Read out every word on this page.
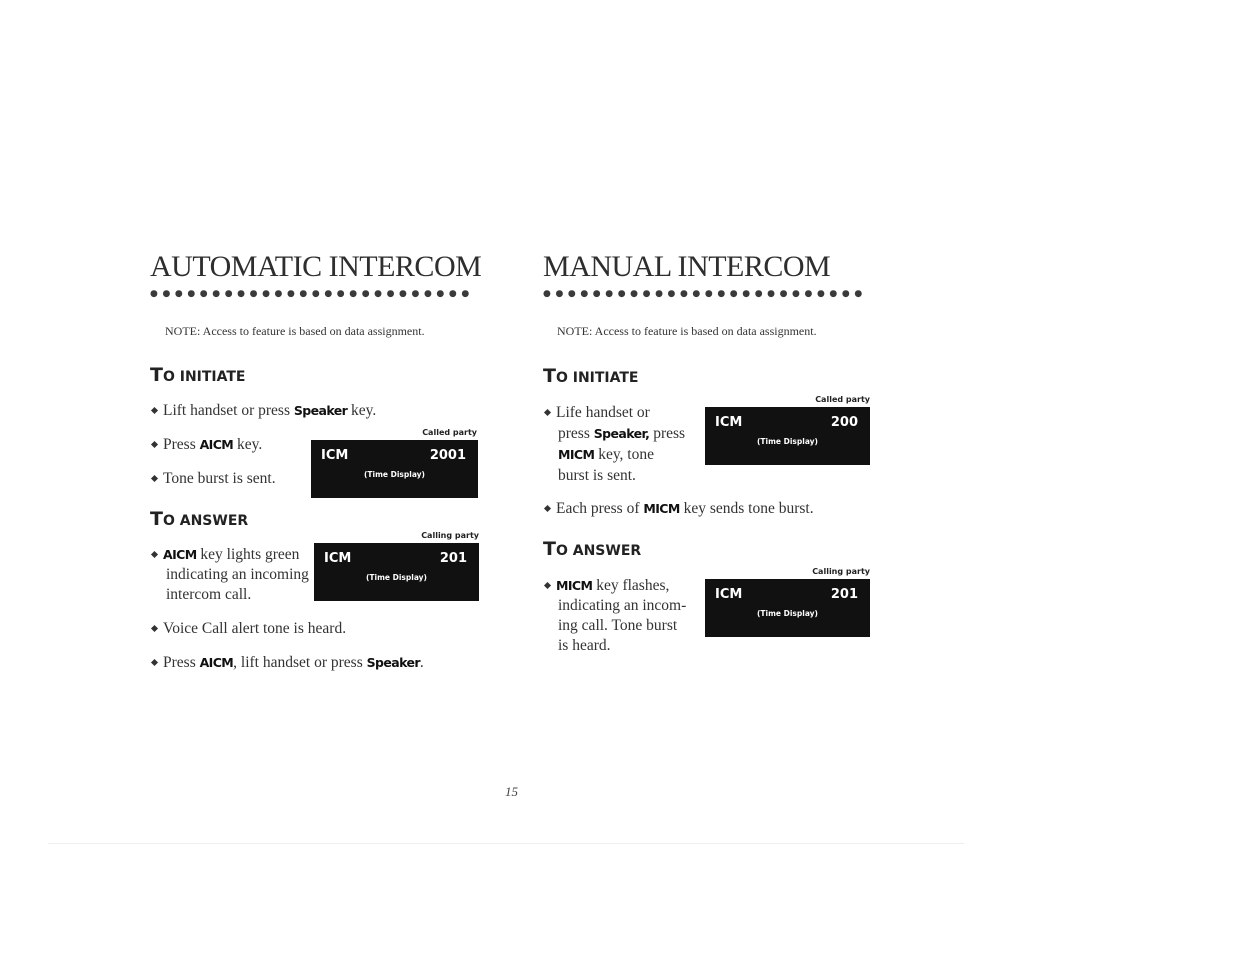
AUTOMATIC INTERCOM
●●●●●●●●●●●●●●●●●●●●●●●●●●
NOTE: Access to feature is based on data assignment.
TO INITIATE
Lift handset or press Speaker key.
Press AICM key.
Tone burst is sent.
Called party
ICM	2001
(Time Display)
TO ANSWER
AICM key lights green
indicating an incoming
intercom call.
Calling party
ICM	201
(Time Display)
Voice Call alert tone is heard.
Press AICM, lift handset or press Speaker.
MANUAL INTERCOM
●●●●●●●●●●●●●●●●●●●●●●●●●●
NOTE: Access to feature is based on data assignment.
TO INITIATE
Life handset or
press Speaker, press
MICM key, tone
burst is sent.
Called party
ICM	200
(Time Display)
Each press of MICM key sends tone burst.
TO ANSWER
MICM key flashes,
indicating an incom-
ing call. Tone burst
is heard.
Calling party
ICM	201
(Time Display)
15
